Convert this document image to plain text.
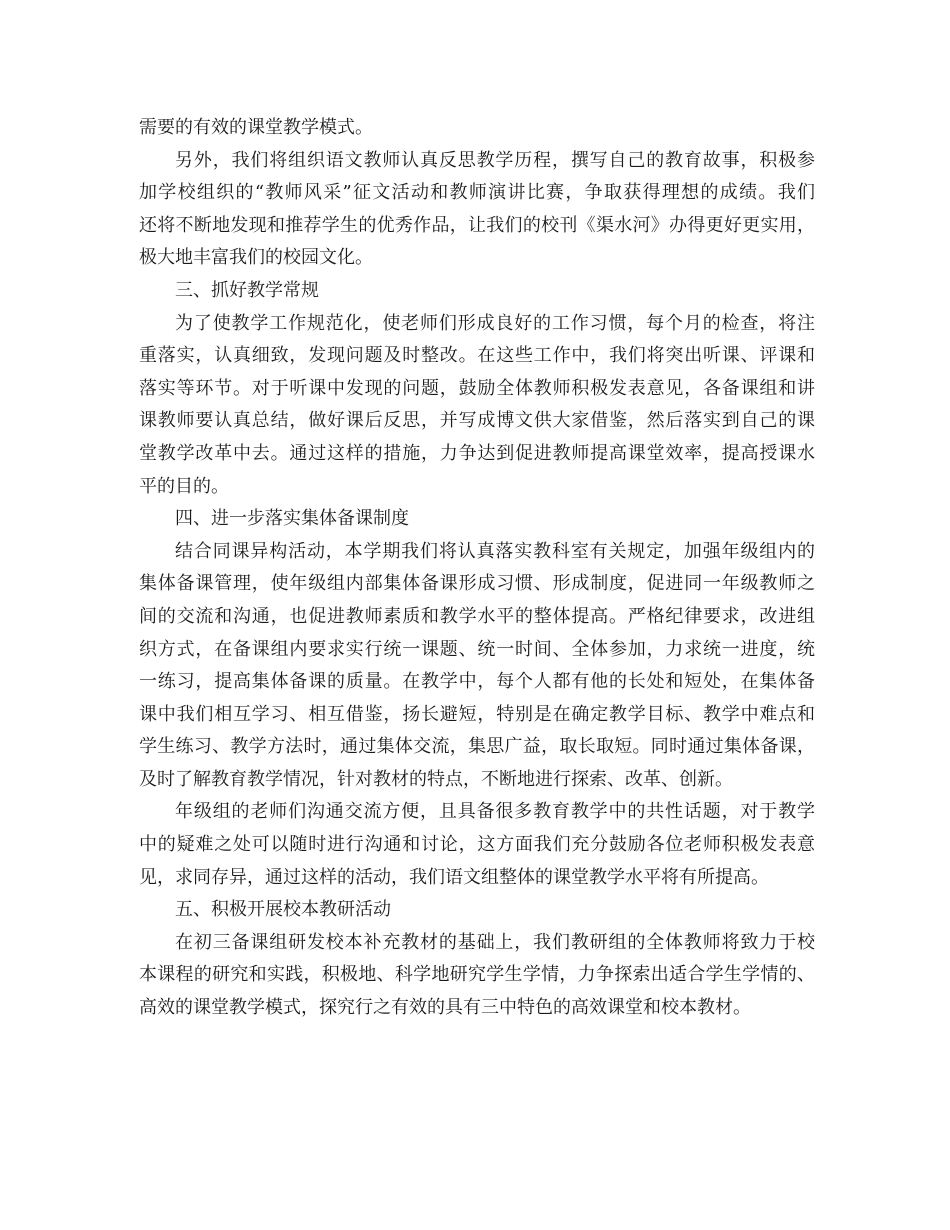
需要的有效的课堂教学模式。
另外，我们将组织语文教师认真反思教学历程，撰写自己的教育故事，积极参
加学校组织的“教师风采”征文活动和教师演讲比赛，争取获得理想的成绩。我们
还将不断地发现和推荐学生的优秀作品，让我们的校刊《渠水河》办得更好更实用，
极大地丰富我们的校园文化。
三、抓好教学常规
为了使教学工作规范化，使老师们形成良好的工作习惯，每个月的检查，将注
重落实，认真细致，发现问题及时整改。在这些工作中，我们将突出听课、评课和
落实等环节。对于听课中发现的问题，鼓励全体教师积极发表意见，各备课组和讲
课教师要认真总结，做好课后反思，并写成博文供大家借鉴，然后落实到自己的课
堂教学改革中去。通过这样的措施，力争达到促进教师提高课堂效率，提高授课水
平的目的。
四、进一步落实集体备课制度
结合同课异构活动，本学期我们将认真落实教科室有关规定，加强年级组内的
集体备课管理，使年级组内部集体备课形成习惯、形成制度，促进同一年级教师之
间的交流和沟通，也促进教师素质和教学水平的整体提高。严格纪律要求，改进组
织方式，在备课组内要求实行统一课题、统一时间、全体参加，力求统一进度，统
一练习，提高集体备课的质量。在教学中，每个人都有他的长处和短处，在集体备
课中我们相互学习、相互借鉴，扬长避短，特别是在确定教学目标、教学中难点和
学生练习、教学方法时，通过集体交流，集思广益，取长取短。同时通过集体备课，
及时了解教育教学情况，针对教材的特点，不断地进行探索、改革、创新。
年级组的老师们沟通交流方便，且具备很多教育教学中的共性话题，对于教学
中的疑难之处可以随时进行沟通和讨论，这方面我们充分鼓励各位老师积极发表意
见，求同存异，通过这样的活动，我们语文组整体的课堂教学水平将有所提高。
五、积极开展校本教研活动
在初三备课组研发校本补充教材的基础上，我们教研组的全体教师将致力于校
本课程的研究和实践，积极地、科学地研究学生学情，力争探索出适合学生学情的、
高效的课堂教学模式，探究行之有效的具有三中特色的高效课堂和校本教材。
